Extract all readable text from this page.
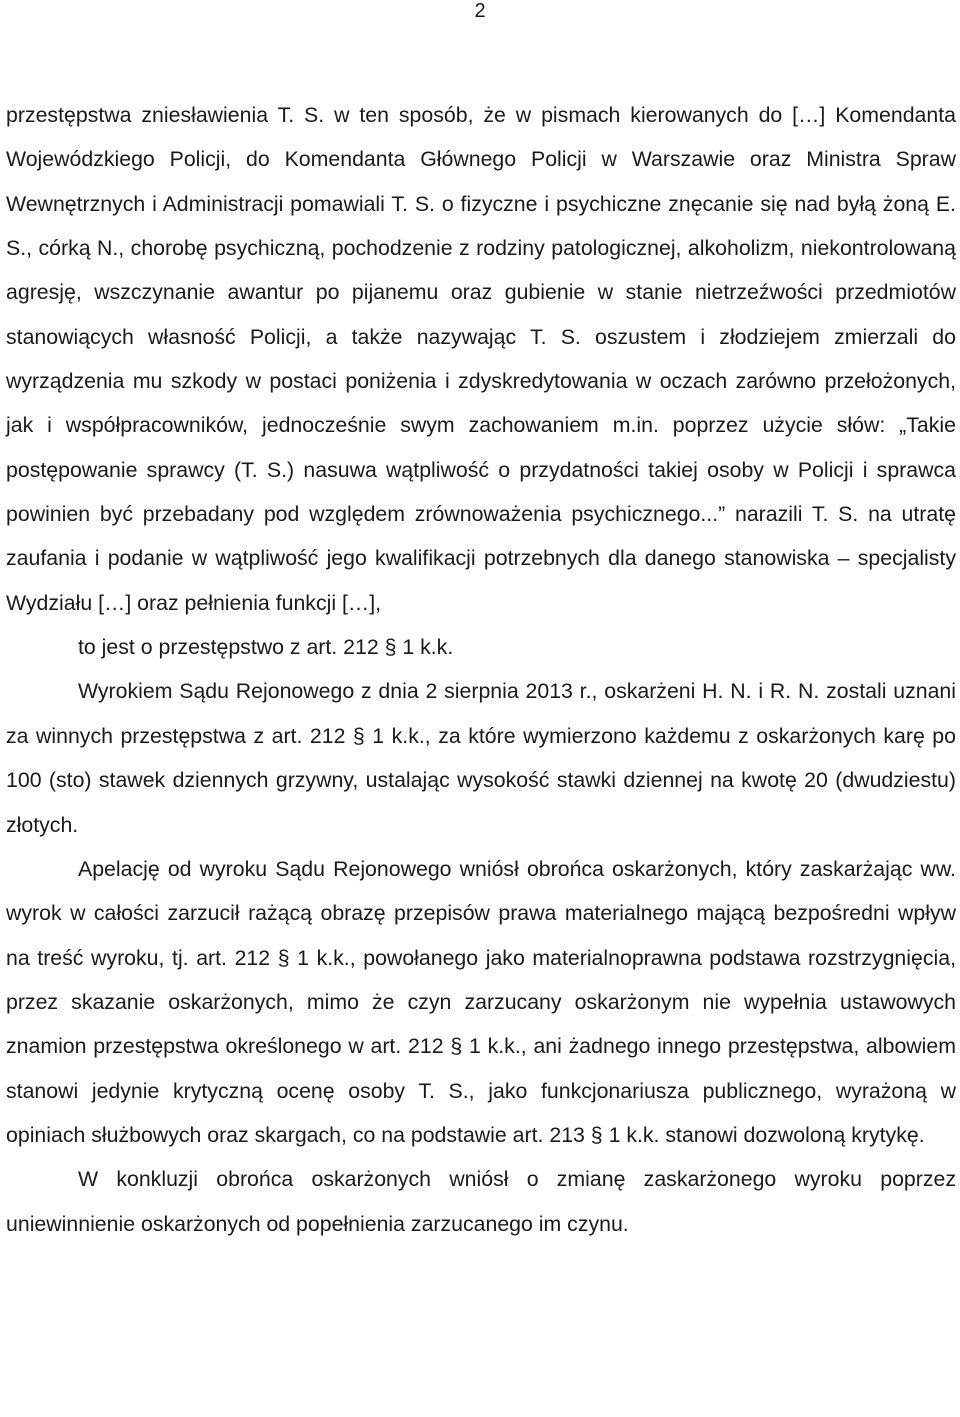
2

przestępstwa zniesławienia T. S. w ten sposób, że w pismach kierowanych do […] Komendanta Wojewódzkiego Policji, do Komendanta Głównego Policji w Warszawie oraz Ministra Spraw Wewnętrznych i Administracji pomawiali T. S. o fizyczne i psychiczne znęcanie się nad byłą żoną E. S., córką N., chorobę psychiczną, pochodzenie z rodziny patologicznej, alkoholizm, niekontrolowaną agresję, wszczynanie awantur po pijanemu oraz gubienie w stanie nietrzeźwości przedmiotów stanowiących własność Policji, a także nazywając T. S. oszustem i złodziejem zmierzali do wyrządzenia mu szkody w postaci poniżenia i zdyskredytowania w oczach zarówno przełożonych, jak i współpracowników, jednocześnie swym zachowaniem m.in. poprzez użycie słów: „Takie postępowanie sprawcy (T. S.) nasuwa wątpliwość o przydatności takiej osoby w Policji i sprawca powinien być przebadany pod względem zrównoważenia psychicznego...” narazili T. S. na utratę zaufania i podanie w wątpliwość jego kwalifikacji potrzebnych dla danego stanowiska – specjalisty Wydziału […] oraz pełnienia funkcji […],

to jest o przestępstwo z art. 212 § 1 k.k.

Wyrokiem Sądu Rejonowego z dnia 2 sierpnia 2013 r., oskarżeni H. N. i R. N. zostali uznani za winnych przestępstwa z art. 212 § 1 k.k., za które wymierzono każdemu z oskarżonych karę po 100 (sto) stawek dziennych grzywny, ustalając wysokość stawki dziennej na kwotę 20 (dwudziestu) złotych.

Apelację od wyroku Sądu Rejonowego wniósł obrońca oskarżonych, który zaskarżając ww. wyrok w całości zarzucił rażącą obrazę przepisów prawa materialnego mającą bezpośredni wpływ na treść wyroku, tj. art. 212 § 1 k.k., powołanego jako materialnoprawna podstawa rozstrzygnięcia, przez skazanie oskarżonych, mimo że czyn zarzucany oskarżonym nie wypełnia ustawowych znamion przestępstwa określonego w art. 212 § 1 k.k., ani żadnego innego przestępstwa, albowiem stanowi jedynie krytyczną ocenę osoby T. S., jako funkcjonariusza publicznego, wyrażoną w opiniach służbowych oraz skargach, co na podstawie art. 213 § 1 k.k. stanowi dozwoloną krytykę.

W konkluzji obrońca oskarżonych wniósł o zmianę zaskarżonego wyroku poprzez uniewinnienie oskarżonych od popełnienia zarzucanego im czynu.
